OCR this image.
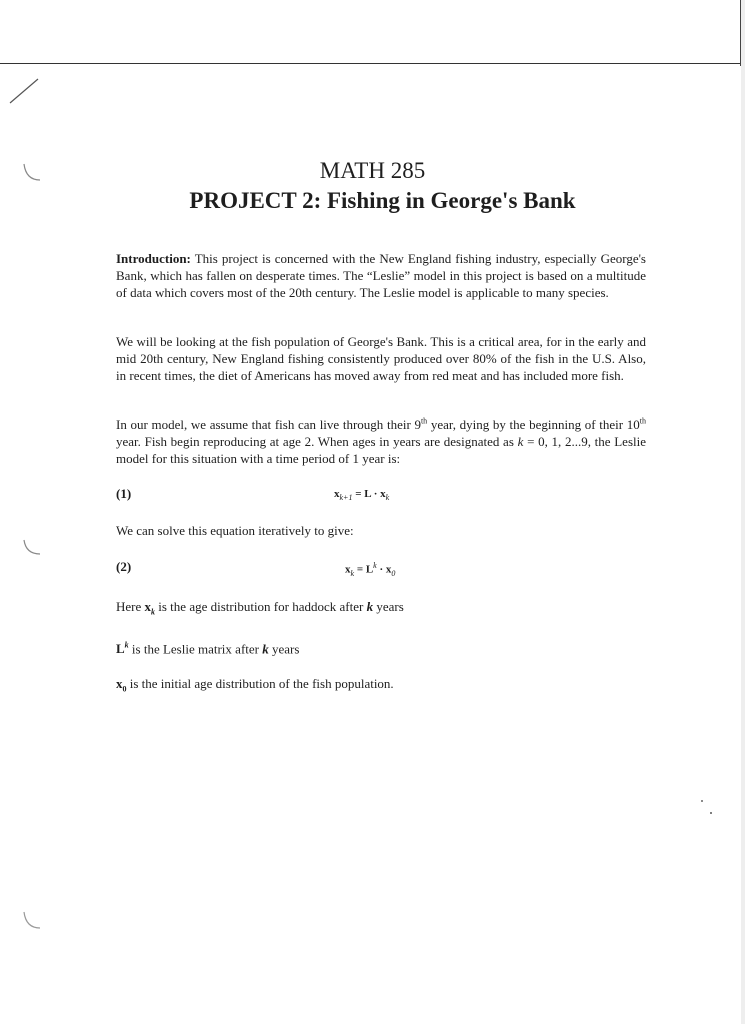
MATH 285
PROJECT 2: Fishing in George's Bank

Introduction: This project is concerned with the New England fishing industry, especially George's Bank, which has fallen on desperate times. The “Leslie” model in this project is based on a multitude of data which covers most of the 20th century. The Leslie model is applicable to many species.

We will be looking at the fish population of George's Bank. This is a critical area, for in the early and mid 20th century, New England fishing consistently produced over 80% of the fish in the U.S. Also, in recent times, the diet of Americans has moved away from red meat and has included more fish.

In our model, we assume that fish can live through their 9th year, dying by the beginning of their 10th year. Fish begin reproducing at age 2. When ages in years are designated as k = 0, 1, 2...9, the Leslie model for this situation with a time period of 1 year is:

(1)	$x_{k+1} = L \cdot x_k$
We can solve this equation iteratively to give:
(2)	$x_k = L^k \cdot x_0$
Here $x_k$ is the age distribution for haddock after k years
$L^k$ is the Leslie matrix after k years
$x_0$ is the initial age distribution of the fish population.
